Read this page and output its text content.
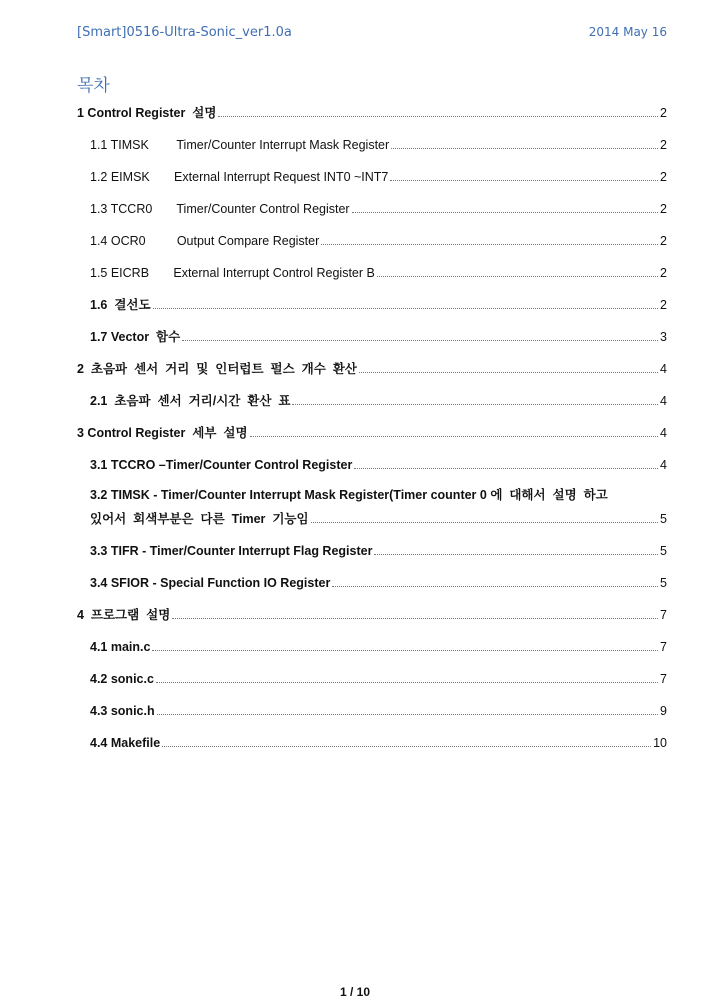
[Smart]0516-Ultra-Sonic_ver1.0a	2014 May 16
목차
1 Control Register  설명	2
1.1 TIMSK        Timer/Counter Interrupt Mask Register	2
1.2 EIMSK       External Interrupt Request INT0 ~INT7	2
1.3 TCCR0       Timer/Counter Control Register	2
1.4 OCR0         Output Compare Register	2
1.5 EICRB       External Interrupt Control Register B	2
1.6  결선도	2
1.7 Vector  함수	3
2  초음파  센서  거리  및  인터럽트  펄스  개수  환산	4
2.1  초음파  센서  거리/시간  환산  표	4
3 Control Register  세부  설명	4
3.1 TCCRO –Timer/Counter Control Register	4
3.2 TIMSK - Timer/Counter Interrupt Mask Register(Timer counter 0 에  대해서  설명  하고
있어서  회색부분은  다른  Timer  기능임	5
3.3 TIFR - Timer/Counter Interrupt Flag Register	5
3.4 SFIOR - Special Function IO Register	5
4  프로그램  설명	7
4.1 main.c	7
4.2 sonic.c	7
4.3 sonic.h	9
4.4 Makefile	10
1 / 10
